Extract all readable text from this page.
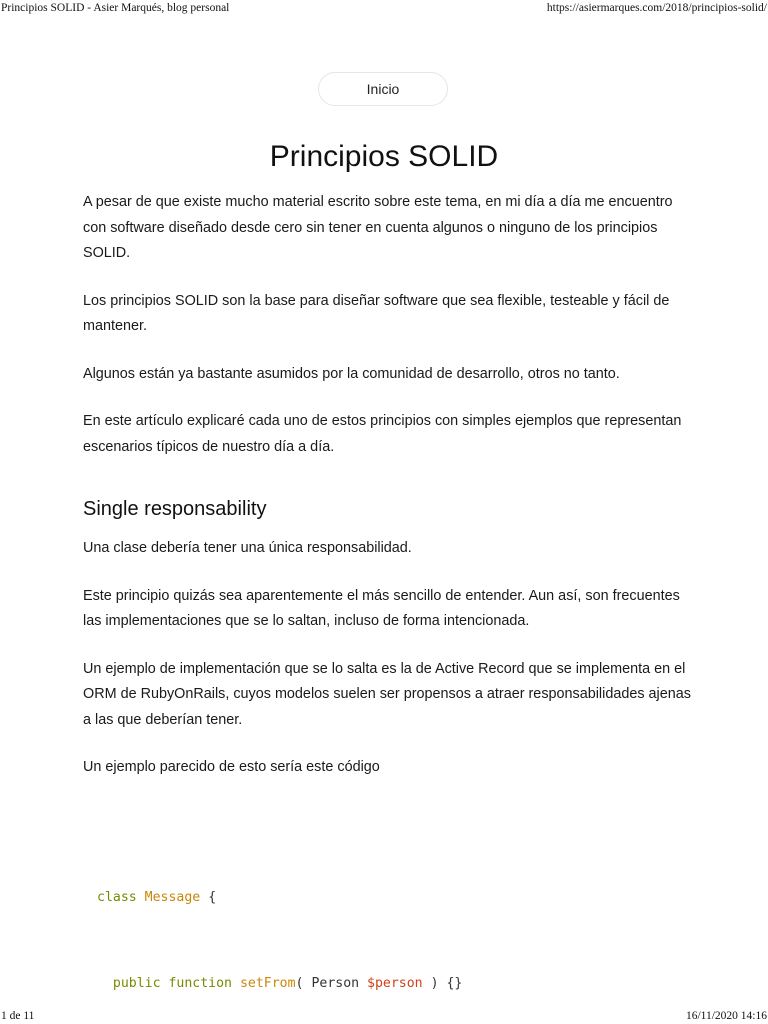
Principios SOLID - Asier Marqués, blog personal	https://asiermarques.com/2018/principios-solid/
Inicio
Principios SOLID

A pesar de que existe mucho material escrito sobre este tema, en mi día a día me encuentro con software diseñado desde cero sin tener en cuenta algunos o ninguno de los principios SOLID.

Los principios SOLID son la base para diseñar software que sea flexible, testeable y fácil de mantener.

Algunos están ya bastante asumidos por la comunidad de desarrollo, otros no tanto.

En este artículo explicaré cada uno de estos principios con simples ejemplos que representan escenarios típicos de nuestro día a día.

Single responsability

Una clase debería tener una única responsabilidad.

Este principio quizás sea aparentemente el más sencillo de entender. Aun así, son frecuentes las implementaciones que se lo saltan, incluso de forma intencionada.

Un ejemplo de implementación que se lo salta es la de Active Record que se implementa en el ORM de RubyOnRails, cuyos modelos suelen ser propensos a atraer responsabilidades ajenas a las que deberían tener.

Un ejemplo parecido de esto sería este código

class Message {

public function setFrom( Person $person ) {}

1 de 11	16/11/2020 14:16
